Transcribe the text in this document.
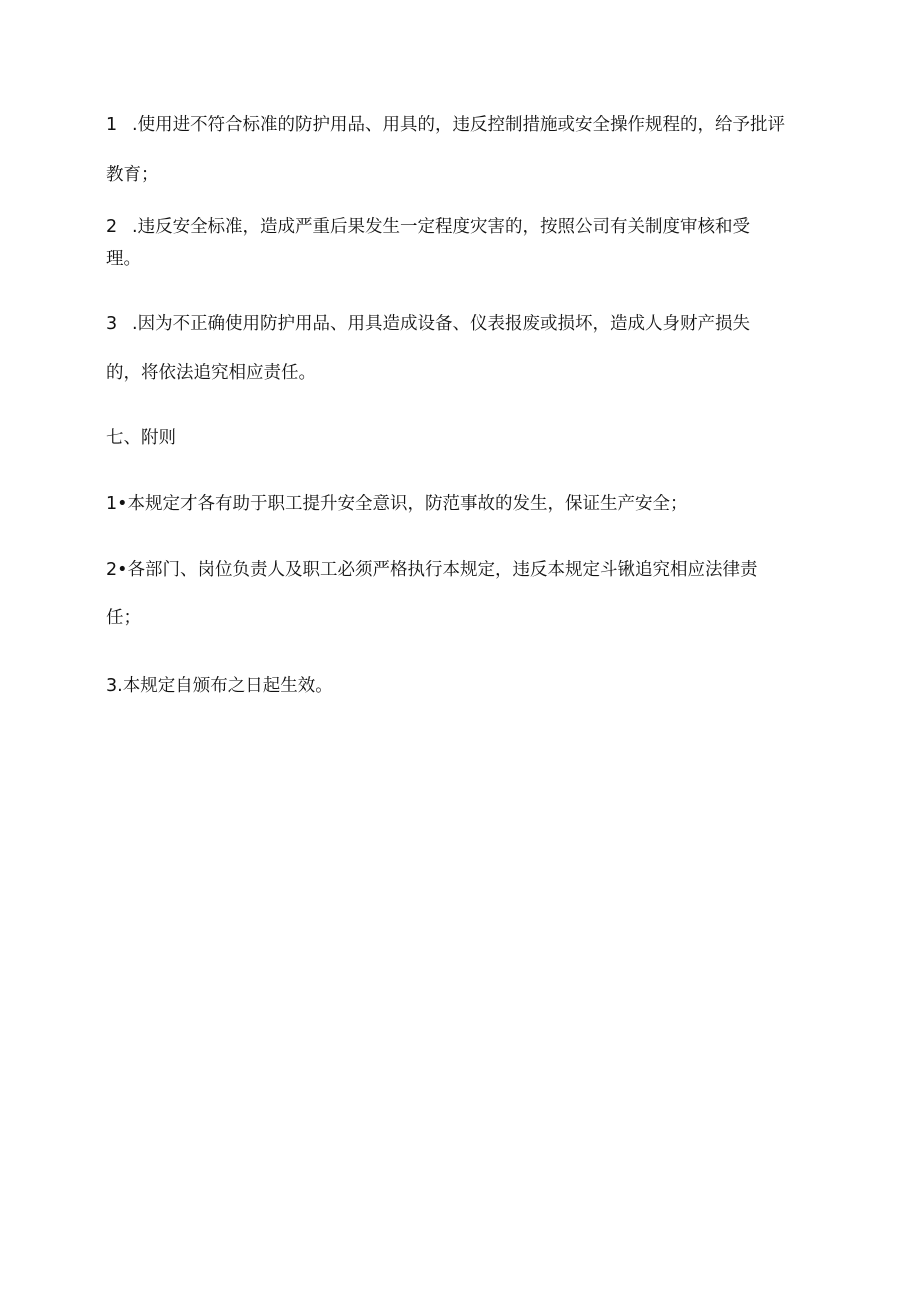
1 .使用进不符合标准的防护用品、用具的，违反控制措施或安全操作规程的，给予批评
教育；
2 .违反安全标准，造成严重后果发生一定程度灾害的，按照公司有关制度审核和受
理。
3 .因为不正确使用防护用品、用具造成设备、仪表报废或损坏，造成人身财产损失
的，将依法追究相应责任。
七、附则
1•本规定才各有助于职工提升安全意识，防范事故的发生，保证生产安全；
2•各部门、岗位负责人及职工必须严格执行本规定，违反本规定斗锹追究相应法律责
任；
3.本规定自颁布之日起生效。
